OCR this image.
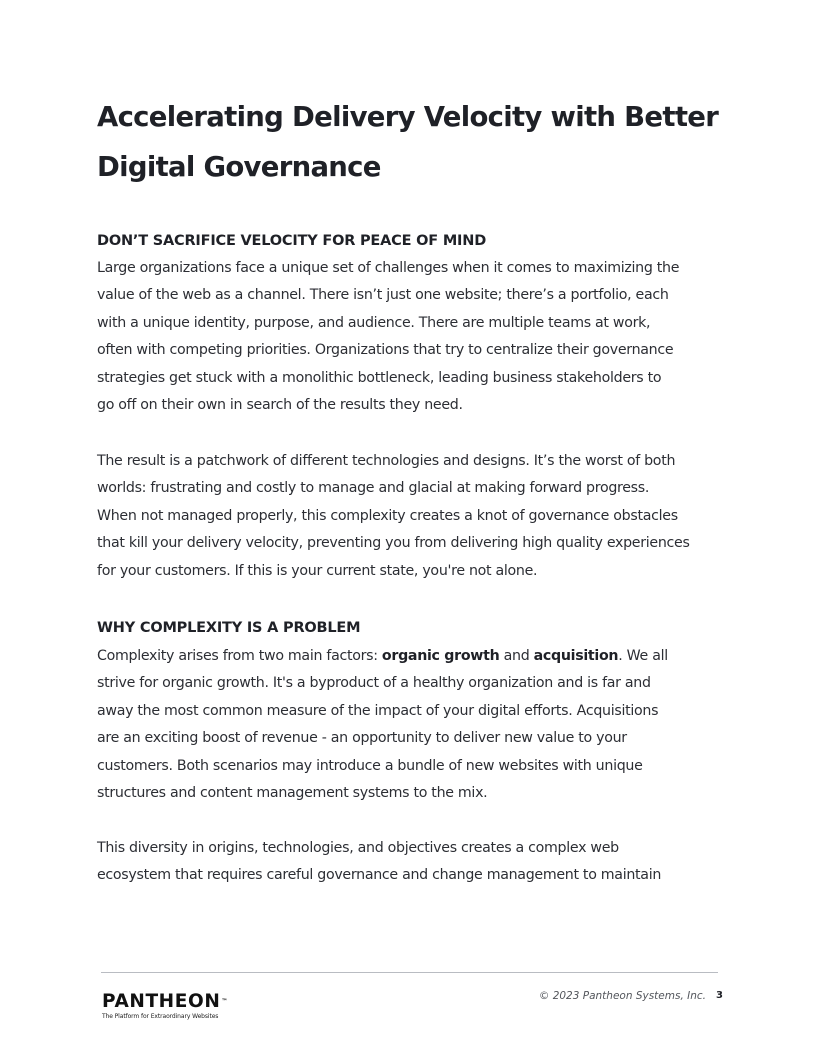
Accelerating Delivery Velocity with Better
Digital Governance
DON’T SACRIFICE VELOCITY FOR PEACE OF MIND

Large organizations face a unique set of challenges when it comes to maximizing the
value of the web as a channel. There isn’t just one website; there’s a portfolio, each
with a unique identity, purpose, and audience. There are multiple teams at work,
often with competing priorities. Organizations that try to centralize their governance
strategies get stuck with a monolithic bottleneck, leading business stakeholders to
go off on their own in search of the results they need.

The result is a patchwork of different technologies and designs. It’s the worst of both
worlds: frustrating and costly to manage and glacial at making forward progress.
When not managed properly, this complexity creates a knot of governance obstacles
that kill your delivery velocity, preventing you from delivering high quality experiences
for your customers. If this is your current state, you're not alone.

WHY COMPLEXITY IS A PROBLEM

Complexity arises from two main factors: organic growth and acquisition. We all
strive for organic growth. It's a byproduct of a healthy organization and is far and
away the most common measure of the impact of your digital efforts. Acquisitions
are an exciting boost of revenue - an opportunity to deliver new value to your
customers. Both scenarios may introduce a bundle of new websites with unique
structures and content management systems to the mix.

This diversity in origins, technologies, and objectives creates a complex web
ecosystem that requires careful governance and change management to maintain

PANTHEON™
The Platform for Extraordinary Websites
© 2023 Pantheon Systems, Inc. 3
